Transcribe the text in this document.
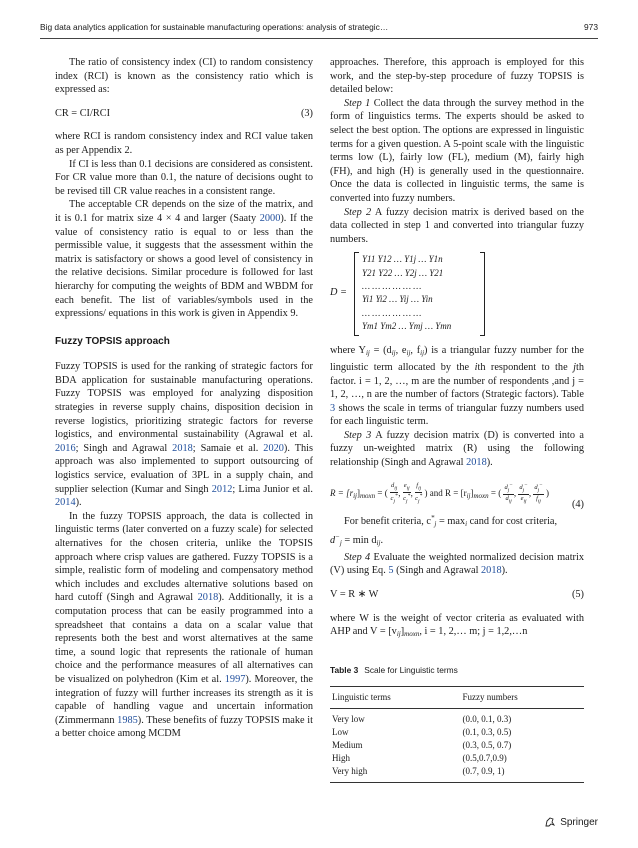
Big data analytics application for sustainable manufacturing operations: analysis of strategic…	973

The ratio of consistency index (CI) to random consistency index (RCI) is known as the consistency ratio which is expressed as:

CR = CI/RCI	(3)

where RCI is random consistency index and RCI value taken as per Appendix 2.

If CI is less than 0.1 decisions are considered as consistent. For CR value more than 0.1, the nature of decisions ought to be revised till CR value reaches in a consistent range.

The acceptable CR depends on the size of the matrix, and it is 0.1 for matrix size 4 × 4 and larger (Saaty 2000). If the value of consistency ratio is equal to or less than the permissible value, it suggests that the assessment within the matrix is satisfactory or shows a good level of consistency in the relative decisions. Similar procedure is followed for last hierarchy for computing the weights of BDM and WBDM for each benefit. The list of variables/symbols used in the expressions/ equations in this work is given in Appendix 9.

Fuzzy TOPSIS approach

Fuzzy TOPSIS is used for the ranking of strategic factors for BDA application for sustainable manufacturing operations. Fuzzy TOPSIS was employed for analyzing disposition strategies in reverse supply chains, disposition decision in reverse logistics, prioritizing strategic factors for reverse logistics, and environmental sustainability (Agrawal et al. 2016; Singh and Agrawal 2018; Samaie et al. 2020). This approach was also implemented to support outsourcing of logistics service, evaluation of 3PL in a supply chain, and supplier selection (Kumar and Singh 2012; Lima Junior et al. 2014).

In the fuzzy TOPSIS approach, the data is collected in linguistic terms (later converted on a fuzzy scale) for selected alternatives for the chosen criteria, unlike the TOPSIS approach where crisp values are gathered. Fuzzy TOPSIS is a simple, realistic form of modeling and compensatory method which includes and excludes alternative solutions based on hard cutoff (Singh and Agrawal 2018). Additionally, it is a computation process that can be easily programmed into a spreadsheet that contains a data on a scalar value that represents both the best and worst alternatives at the same time, a sound logic that represents the rationale of human choice and the performance measures of all alternatives can be visualized on polyhedron (Kim et al. 1997). Moreover, the integration of fuzzy will further increases its strength as it is capable of handling vague and uncertain information (Zimmermann 1985). These benefits of fuzzy TOPSIS make it a better choice among MCDM

approaches. Therefore, this approach is employed for this work, and the step-by-step procedure of fuzzy TOPSIS is detailed below:

Step 1 Collect the data through the survey method in the form of linguistics terms. The experts should be asked to select the best option. The options are expressed in linguistic terms for a given question. A 5-point scale with the linguistic terms low (L), fairly low (FL), medium (M), fairly high (FH), and high (H) is generally used in the questionnaire. Once the data is collected in linguistic terms, the same is converted into fuzzy numbers.

Step 2 A fuzzy decision matrix is derived based on the data collected in step 1 and converted into triangular fuzzy numbers.

D =
Y11 Y12 … Y1j … Y1n
Y21 Y22 … Y2j … Y21
… … … … … …
Yi1 Yi2 … Yij … Yin
… … … … … …
Ym1 Ym2 … Ymj … Ymn

where $Y_{ij} = (d_{ij}$, $e_{ij}$, $f_{ij}$) is a triangular fuzzy number for the linguistic term allocated by the ith respondent to the jth factor. i = 1, 2, …, m are the number of respondents ,and j = 1, 2, …, n are the number of factors (Strategic factors). Table 3 shows the scale in terms of triangular fuzzy numbers used for each linguistic term.

Step 3 A fuzzy decision matrix (D) is converted into a fuzzy un-weighted matrix (R) using the following relationship (Singh and Agrawal 2018).

$R = [r_{ij}]_{moxn}$ = ( $\frac{d_{ij}}{c_j^*}$ , $\frac{e_{ij}}{c_j^*}$ , $\frac{f_{ij}}{c_j^*}$ ) and $R = [r_{ij}]_{moxn}$ = ( $\frac{d_j^-}{d_{ij}}$ , $\frac{d_j^-}{e_{ij}}$ , $\frac{d_j^-}{f_{ij}}$ )
(4)

For benefit criteria, $c^*_j = \max_i$ cand for cost criteria,

$d^-_j = \min d_{ij}$.

Step 4 Evaluate the weighted normalized decision matrix (V) using Eq. 5 (Singh and Agrawal 2018).

V = R ∗ W	(5)

where W is the weight of vector criteria as evaluated with AHP and $V = [v_{ij}]_{moxn}$, i = 1, 2,… m; j = 1,2,…n

Table 3 Scale for Linguistic terms
Linguistic terms	Fuzzy numbers
Very low	(0.0, 0.1, 0.3)
Low	(0.1, 0.3, 0.5)
Medium	(0.3, 0.5, 0.7)
High	(0.5,0.7,0.9)
Very high	(0.7, 0.9, 1)
Springer
